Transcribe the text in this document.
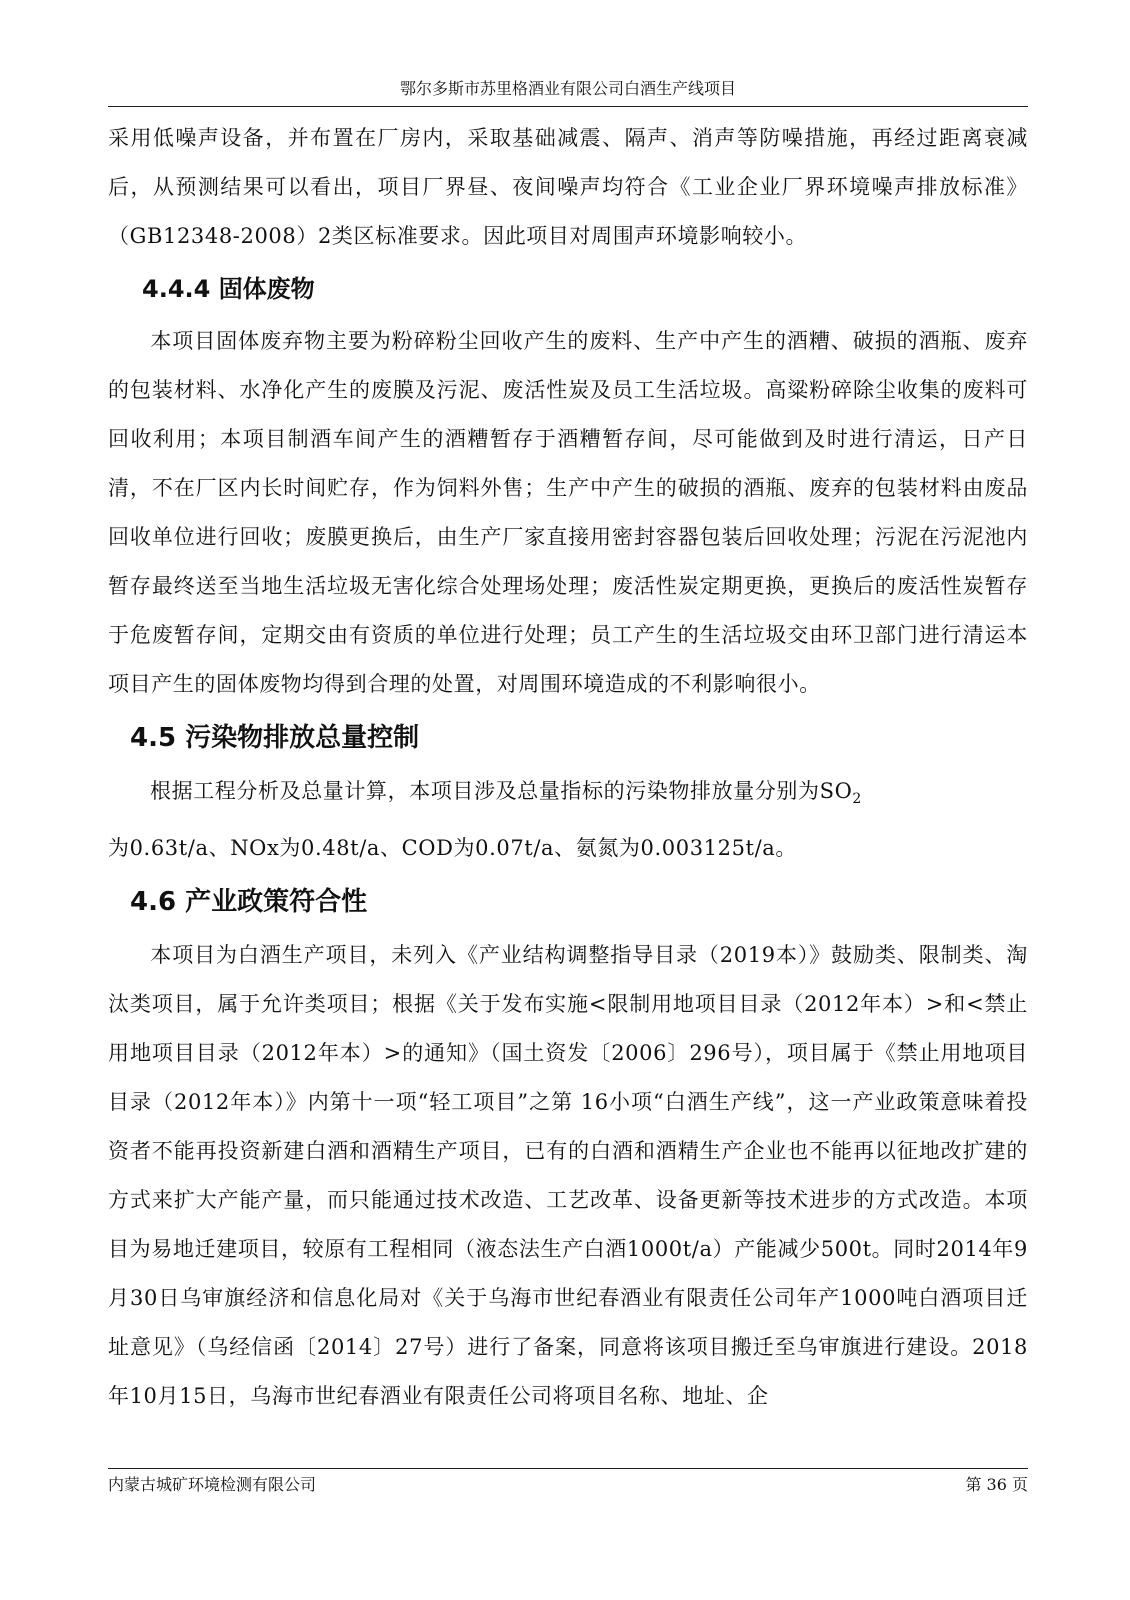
鄂尔多斯市苏里格酒业有限公司白酒生产线项目

采用低噪声设备，并布置在厂房内，采取基础减震、隔声、消声等防噪措施，再经过距离衰减后，从预测结果可以看出，项目厂界昼、夜间噪声均符合《工业企业厂界环境噪声排放标准》（GB12348-2008）2类区标准要求。因此项目对周围声环境影响较小。

4.4.4 固体废物

本项目固体废弃物主要为粉碎粉尘回收产生的废料、生产中产生的酒糟、破损的酒瓶、废弃的包装材料、水净化产生的废膜及污泥、废活性炭及员工生活垃圾。高粱粉碎除尘收集的废料可回收利用；本项目制酒车间产生的酒糟暂存于酒糟暂存间，尽可能做到及时进行清运，日产日清，不在厂区内长时间贮存，作为饲料外售；生产中产生的破损的酒瓶、废弃的包装材料由废品回收单位进行回收；废膜更换后，由生产厂家直接用密封容器包装后回收处理；污泥在污泥池内暂存最终送至当地生活垃圾无害化综合处理场处理；废活性炭定期更换，更换后的废活性炭暂存于危废暂存间，定期交由有资质的单位进行处理；员工产生的生活垃圾交由环卫部门进行清运本项目产生的固体废物均得到合理的处置，对周围环境造成的不利影响很小。

4.5 污染物排放总量控制

根据工程分析及总量计算，本项目涉及总量指标的污染物排放量分别为$SO_2$
为0.63t/a、NOx为0.48t/a、COD为0.07t/a、氨氮为0.003125t/a。

4.6 产业政策符合性

本项目为白酒生产项目，未列入《产业结构调整指导目录（2019本）》鼓励类、限制类、淘汰类项目，属于允许类项目；根据《关于发布实施<限制用地项目目录（2012年本）>和<禁止用地项目目录（2012年本）>的通知》（国土资发〔2006〕296号），项目属于《禁止用地项目目录（2012年本）》内第十一项“轻工项目”之第 16小项“白酒生产线”，这一产业政策意味着投资者不能再投资新建白酒和酒精生产项目，已有的白酒和酒精生产企业也不能再以征地改扩建的方式来扩大产能产量，而只能通过技术改造、工艺改革、设备更新等技术进步的方式改造。本项目为易地迁建项目，较原有工程相同（液态法生产白酒1000t/a）产能减少500t。同时2014年9月30日乌审旗经济和信息化局对《关于乌海市世纪春酒业有限责任公司年产1000吨白酒项目迁址意见》（乌经信函〔2014〕27号）进行了备案，同意将该项目搬迁至乌审旗进行建设。2018年10月15日，乌海市世纪春酒业有限责任公司将项目名称、地址、企

内蒙古城矿环境检测有限公司	第 36 页
